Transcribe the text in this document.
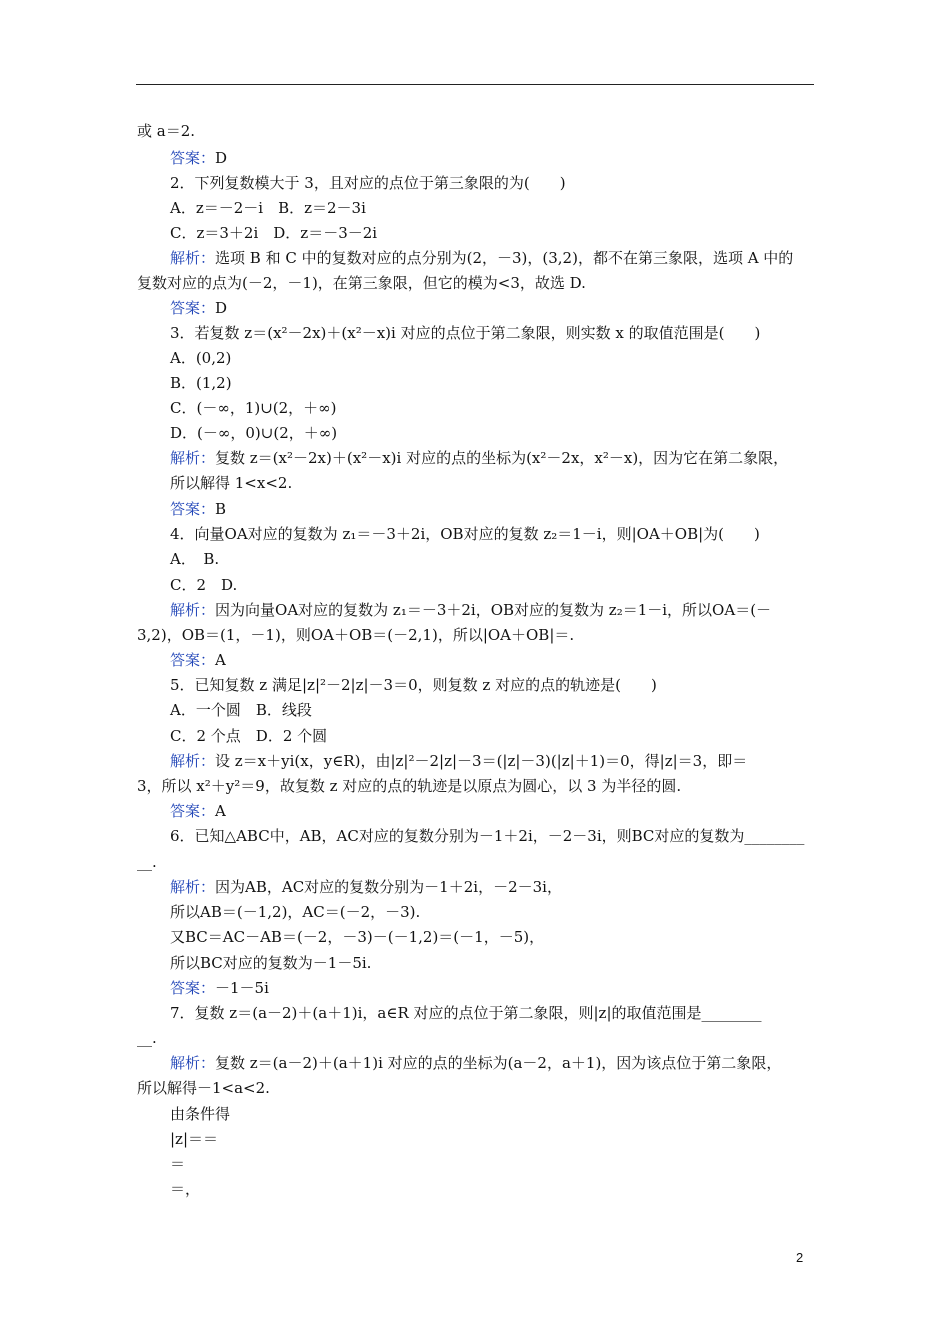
或 a＝2.
答案：D
2．下列复数模大于 3，且对应的点位于第三象限的为(　　)
A．z＝－2－i　B．z＝2－3i
C．z＝3＋2i　D．z＝－3－2i
解析：选项 B 和 C 中的复数对应的点分别为(2，－3)，(3,2)，都不在第三象限，选项 A 中的
复数对应的点为(－2，－1)，在第三象限，但它的模为<3，故选 D.
答案：D
3．若复数 z＝(x²－2x)＋(x²－x)i 对应的点位于第二象限，则实数 x 的取值范围是(　　)
A．(0,2)
B．(1,2)
C．(－∞，1)∪(2，＋∞)
D．(－∞，0)∪(2，＋∞)
解析：复数 z＝(x²－2x)＋(x²－x)i 对应的点的坐标为(x²－2x，x²－x)，因为它在第二象限，
所以解得 1<x<2.
答案：B
4．向量OA对应的复数为 z₁＝－3＋2i，OB对应的复数 z₂＝1－i，则|OA＋OB|为(　　)
A．　B.
C．2　D.
解析：因为向量OA对应的复数为 z₁＝－3＋2i，OB对应的复数为 z₂＝1－i，所以OA＝(－
3,2)，OB＝(1，－1)，则OA＋OB＝(－2,1)，所以|OA＋OB|＝.
答案：A
5．已知复数 z 满足|z|²－2|z|－3＝0，则复数 z 对应的点的轨迹是(　　)
A．一个圆　B．线段
C．2 个点　D．2 个圆
解析：设 z＝x＋yi(x，y∈R)，由|z|²－2|z|－3＝(|z|－3)(|z|＋1)＝0，得|z|＝3，即＝
3，所以 x²＋y²＝9，故复数 z 对应的点的轨迹是以原点为圆心，以 3 为半径的圆.
答案：A
6．已知△ABC中，AB，AC对应的复数分别为－1＋2i，－2－3i，则BC对应的复数为________
__.
解析：因为AB，AC对应的复数分别为－1＋2i，－2－3i，
所以AB＝(－1,2)，AC＝(－2，－3).
又BC＝AC－AB＝(－2，－3)－(－1,2)＝(－1，－5)，
所以BC对应的复数为－1－5i.
答案：－1－5i
7．复数 z＝(a－2)＋(a＋1)i，a∈R 对应的点位于第二象限，则|z|的取值范围是________
__.
解析：复数 z＝(a－2)＋(a＋1)i 对应的点的坐标为(a－2，a＋1)，因为该点位于第二象限，
所以解得－1<a<2.
由条件得
|z|＝＝
＝
＝，
2
